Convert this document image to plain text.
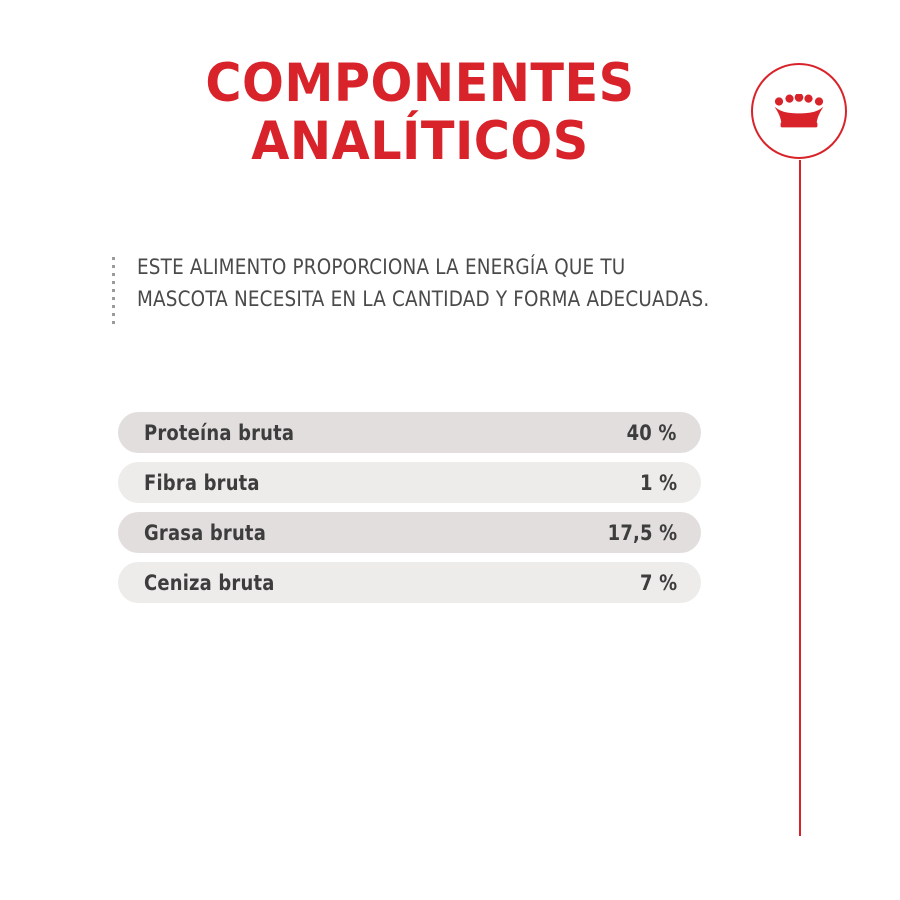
COMPONENTES
ANALÍTICOS
ESTE ALIMENTO PROPORCIONA LA ENERGÍA QUE TU MASCOTA NECESITA EN LA CANTIDAD Y FORMA ADECUADAS.
Proteína bruta	40 %
Fibra bruta	1 %
Grasa bruta	17,5 %
Ceniza bruta	7 %
